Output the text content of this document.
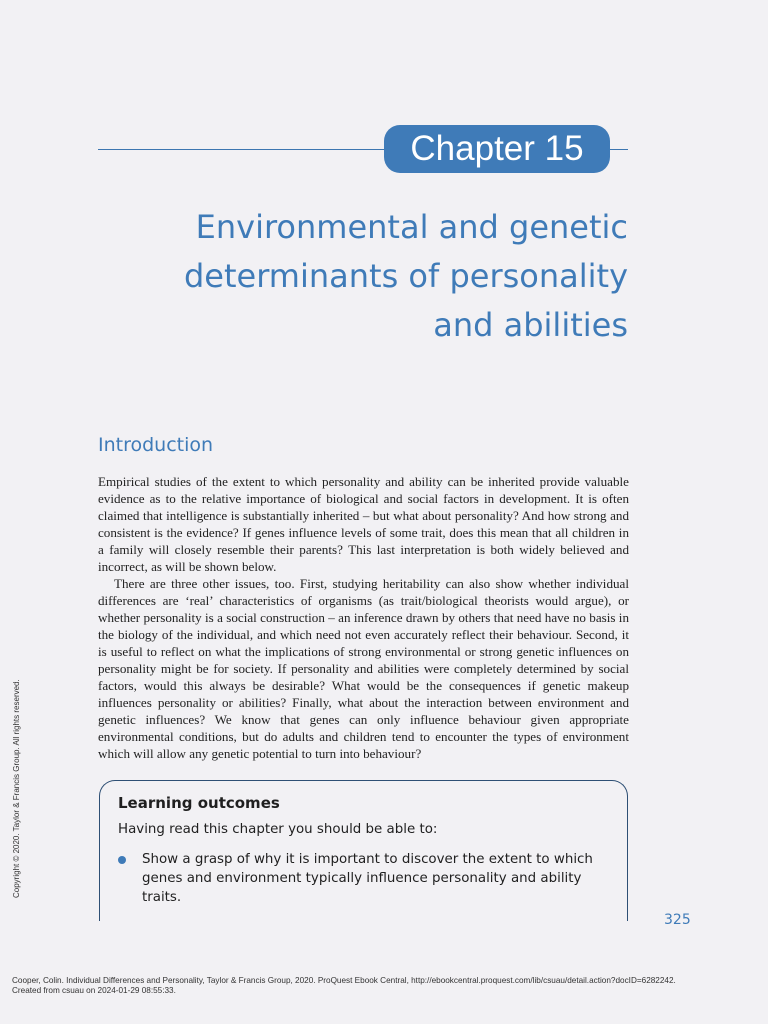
Chapter 15
Environmental and genetic
determinants of personality
and abilities
Introduction

Empirical studies of the extent to which personality and ability can be inherited provide valuable evidence as to the relative importance of biological and social factors in development. It is often claimed that intelligence is substantially inherited – but what about personality? And how strong and consistent is the evidence? If genes influence levels of some trait, does this mean that all children in a family will closely resemble their parents? This last interpretation is both widely believed and incorrect, as will be shown below.

There are three other issues, too. First, studying heritability can also show whether individual differences are ‘real’ characteristics of organisms (as trait/biological theorists would argue), or whether personality is a social construction – an inference drawn by others that need have no basis in the biology of the individual, and which need not even accurately reflect their behaviour. Second, it is useful to reflect on what the implications of strong environmental or strong genetic influences on personality might be for society. If personality and abilities were completely determined by social factors, would this always be desirable? What would be the consequences if genetic makeup influences personality or abilities? Finally, what about the interaction between environment and genetic influences? We know that genes can only influence behaviour given appropriate environmental conditions, but do adults and children tend to encounter the types of environment which will allow any genetic potential to turn into behaviour?

Learning outcomes
Having read this chapter you should be able to:
Show a grasp of why it is important to discover the extent to which genes and environment typically influence personality and ability traits.
325
Copyright © 2020. Taylor & Francis Group. All rights reserved.
Cooper, Colin. Individual Differences and Personality, Taylor & Francis Group, 2020. ProQuest Ebook Central, http://ebookcentral.proquest.com/lib/csuau/detail.action?docID=6282242.
Created from csuau on 2024-01-29 08:55:33.
